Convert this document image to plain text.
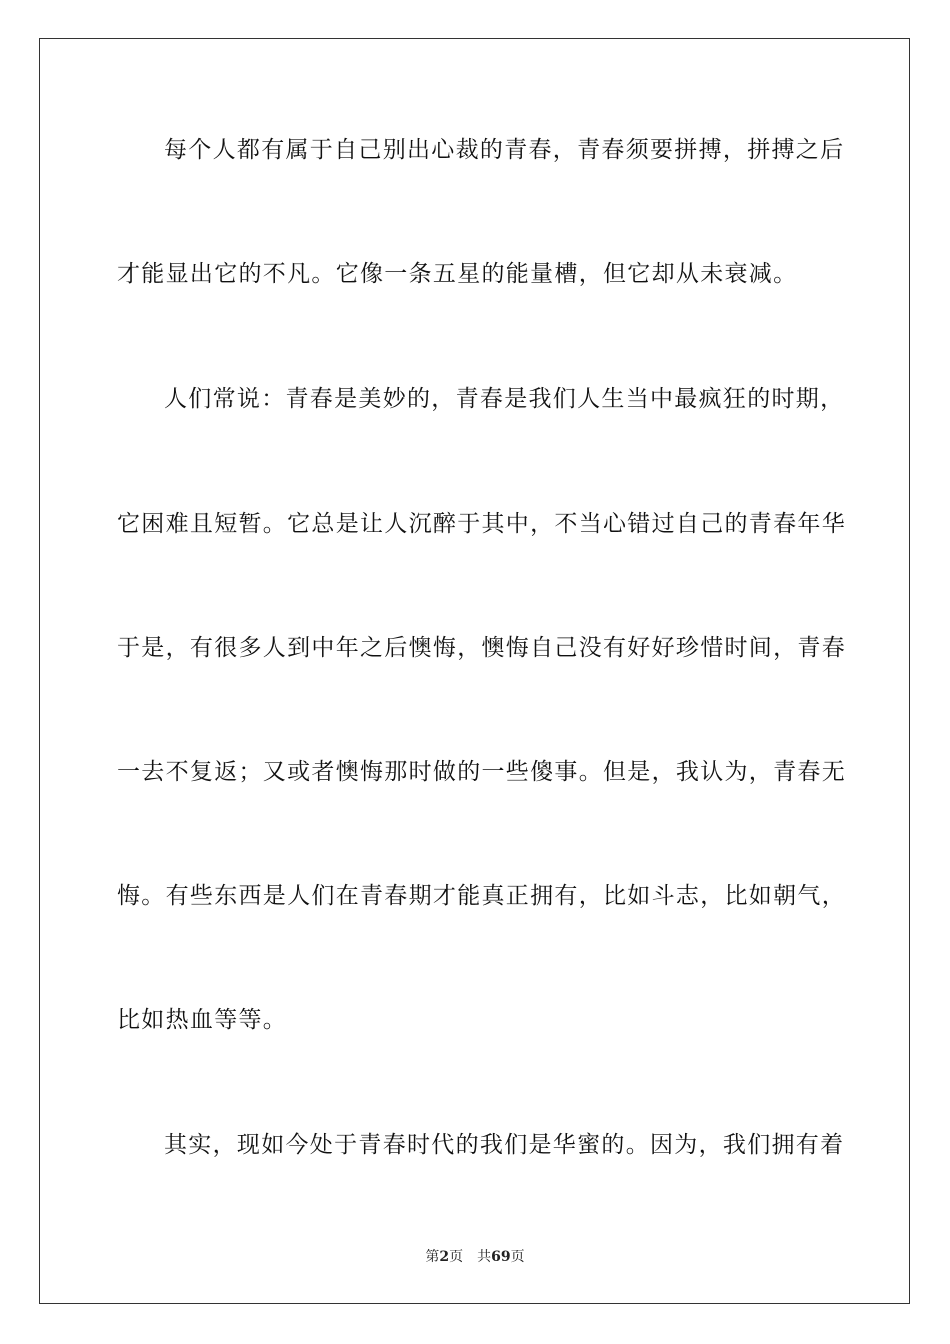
每个人都有属于自己别出心裁的青春，青春须要拼搏，拼搏之后
才能显出它的不凡。它像一条五星的能量槽，但它却从未衰减。
人们常说：青春是美妙的，青春是我们人生当中最疯狂的时期，
它困难且短暂。它总是让人沉醉于其中，不当心错过自己的青春年华
于是，有很多人到中年之后懊悔，懊悔自己没有好好珍惜时间，青春
一去不复返；又或者懊悔那时做的一些傻事。但是，我认为，青春无
悔。有些东西是人们在青春期才能真正拥有，比如斗志，比如朝气，
比如热血等等。
其实，现如今处于青春时代的我们是华蜜的。因为，我们拥有着
第2页 共69页
